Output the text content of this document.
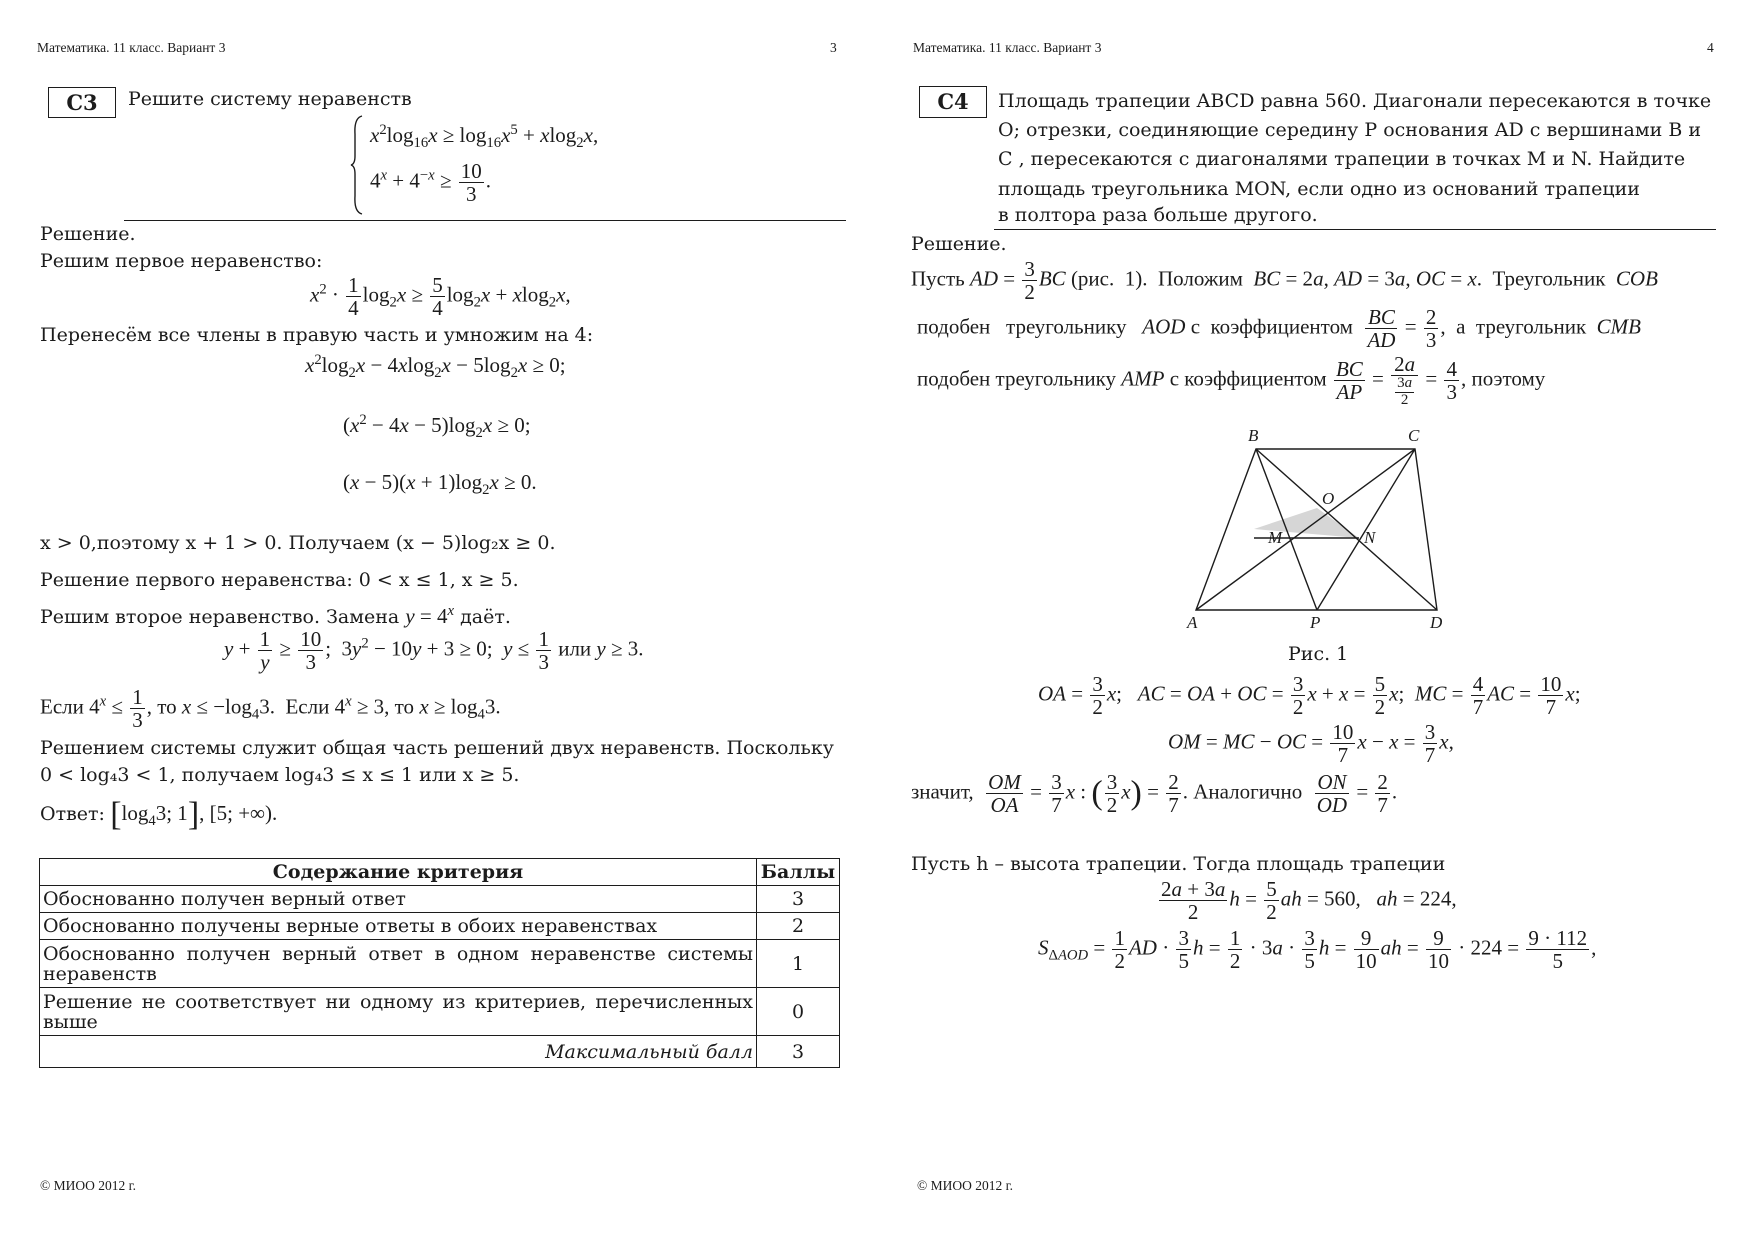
Математика. 11 класс. Вариант 3	3
С3	Решите систему неравенств
$x^2\log_{16}x \ge \log_{16}x^5 + xlog_2x$,
$4^x + 4^{-x} \ge \frac{10}{3}$ .
Решение.
Решим первое неравенство:
$x^2 \cdot \frac{1}{4} \log_2x \ge \frac{5}{4} \log_2x + xlog_2x$,
Перенесём все члены в правую часть и умножим на 4:
$x^2\log_2x - 4xlog_2x - 5\log_2x \ge 0$;
$(x^2 - 4x - 5)\log_2x \ge 0$;
$(x - 5)(x + 1)\log_2x \ge 0$.
x > 0,поэтому x + 1 > 0. Получаем (x − 5)log₂x ≥ 0.
Решение первого неравенства: 0 < x ≤ 1, x ≥ 5.
Решим второе неравенство. Замена $y = 4^x$ даёт.
$y + \frac{1}{y} \ge \frac{10}{3}$ ;  $3y^2 - 10y + 3 \ge 0$;  $y \le \frac{1}{3}$ или y ≥ 3.
Если $4^x \le \frac{1}{3}$ , то $x \le -\log_43$.  Если $4^x \ge 3$, то $x \ge \log_43$.
Решением системы служит общая часть решений двух неравенств. Поскольку
0 < log₄3 < 1, получаем log₄3 ≤ x ≤ 1 или x ≥ 5.
Ответ: [$\log_43$; 1], [5; +∞).
Содержание критерия	Баллы
Обоснованно получен верный ответ	3
Обоснованно получены верные ответы в обоих неравенствах	2
Обоснованно получен верный ответ в одном неравенстве системы неравенств	1
Решение не соответствует ни одному из критериев, перечисленных выше	0
Максимальный балл	3
© МИОО 2012 г.
Математика. 11 класс. Вариант 3	4
С4	Площадь трапеции ABCD равна 560. Диагонали пересекаются в точке
O; отрезки, соединяющие середину P основания AD с вершинами B и
C , пересекаются с диагоналями трапеции в точках M и N. Найдите
площадь треугольника MON, если одно из оснований трапеции
в полтора раза больше другого.
Решение.
Пусть AD = $\frac{3}{2}$ BC (рис.  1).  Положим  BC = 2a, AD = 3a, OC = x.  Треугольник  COB
подобен   треугольнику   AOD с  коэффициентом $\frac{BC}{AD} = \frac{2}{3}$ ,  а  треугольник  CMB
подобен треугольнику AMP с коэффициентом $\frac{BC}{AP} = \frac{2a}{\frac{3a}{2}} = \frac{4}{3}$ , поэтому
B	C
O
M	N
A	P	D
Рис. 1
OA = $\frac{3}{2} x$;   AC = OA + OC = $\frac{3}{2}$ $x + x = \frac{5}{2} x$;  MC = $\frac{4}{7}$ AC = $\frac{10}{7} x$;
OM = MC − OC = $\frac{10}{7}$ $x - x = \frac{3}{7} x$,
значит, $\frac{OM}{OA} = \frac{3}{7}$ x : ( $\frac{3}{2} x) = \frac{2}{7}$ . Аналогично $\frac{ON}{OD} = \frac{2}{7}$ .
Пусть h – высота трапеции. Тогда площадь трапеции
$\frac{2a + 3a}{2}$ $h = \frac{5}{2}$ ah = 560,   ah = 224,
$S_{\Delta AOD} = \frac{1}{2}$ AD · $\frac{3}{5}$ $h = \frac{1}{2} \cdot 3a \cdot \frac{3}{5}$ $h = \frac{9}{10}$ ah = $\frac{9}{10} \cdot 224 = \frac{9 \cdot 112}{5}$ ,
© МИОО 2012 г.
